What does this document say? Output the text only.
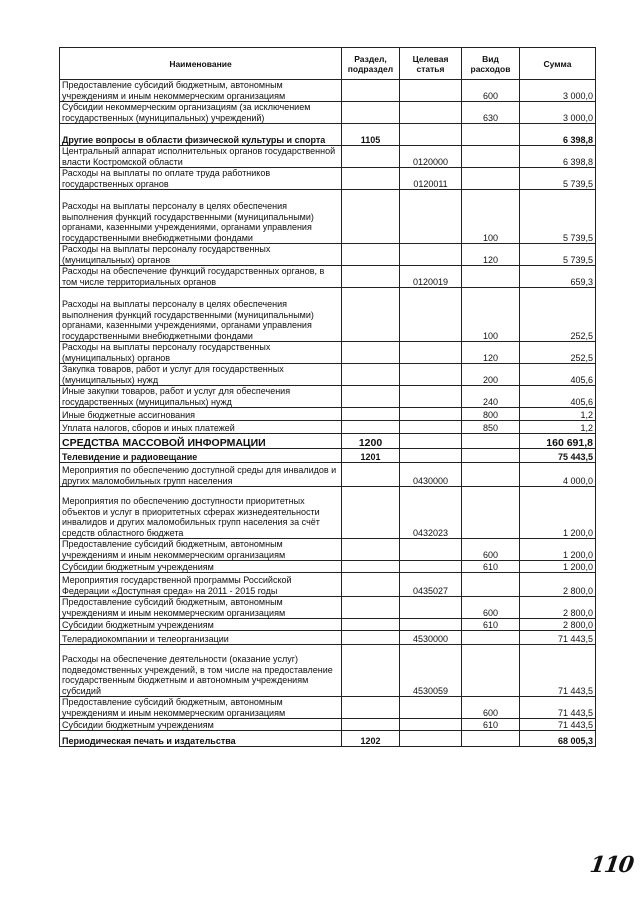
Наименование	Раздел, подраздел	Целевая статья	Вид расходов	Сумма
Предоставление субсидий бюджетным, автономным учреждениям и иным некоммерческим организациям			600	3 000,0
Субсидии некоммерческим организациям (за исключением государственных (муниципальных) учреждений)			630	3 000,0
Другие вопросы в области физической культуры и спорта	1105			6 398,8
Центральный аппарат исполнительных органов государственной власти Костромской области		0120000		6 398,8
Расходы на выплаты по оплате труда работников государственных органов		0120011		5 739,5
Расходы на выплаты персоналу в целях обеспечения выполнения функций государственными (муниципальными) органами, казенными учреждениями, органами управления государственными внебюджетными фондами			100	5 739,5
Расходы на выплаты персоналу государственных (муниципальных) органов			120	5 739,5
Расходы на обеспечение функций государственных органов, в том числе территориальных органов		0120019		659,3
Расходы на выплаты персоналу в целях обеспечения выполнения функций государственными (муниципальными) органами, казенными учреждениями, органами управления государственными внебюджетными фондами			100	252,5
Расходы на выплаты персоналу государственных (муниципальных) органов			120	252,5
Закупка товаров, работ и услуг для государственных (муниципальных) нужд			200	405,6
Иные закупки товаров, работ и услуг для обеспечения государственных (муниципальных) нужд			240	405,6
Иные бюджетные ассигнования			800	1,2
Уплата налогов, сборов и иных платежей			850	1,2
СРЕДСТВА МАССОВОЙ ИНФОРМАЦИИ	1200			160 691,8
Телевидение и радиовещание	1201			75 443,5
Мероприятия по обеспечению доступной среды для инвалидов и других маломобильных групп населения		0430000		4 000,0
Мероприятия по обеспечению доступности приоритетных объектов и услуг в приоритетных сферах жизнедеятельности инвалидов и других маломобильных групп населения за счёт средств областного бюджета		0432023		1 200,0
Предоставление субсидий бюджетным, автономным учреждениям и иным некоммерческим организациям			600	1 200,0
Субсидии бюджетным учреждениям			610	1 200,0
Мероприятия государственной программы Российской Федерации «Доступная среда» на 2011 - 2015 годы		0435027		2 800,0
Предоставление субсидий бюджетным, автономным учреждениям и иным некоммерческим организациям			600	2 800,0
Субсидии бюджетным учреждениям			610	2 800,0
Телерадиокомпании и телеорганизации		4530000		71 443,5
Расходы на обеспечение деятельности (оказание услуг) подведомственных учреждений, в том числе на предоставление государственным бюджетным и автономным учреждениям субсидий		4530059		71 443,5
Предоставление субсидий бюджетным, автономным учреждениям и иным некоммерческим организациям			600	71 443,5
Субсидии бюджетным учреждениям			610	71 443,5
Периодическая печать и издательства	1202			68 005,3
110
